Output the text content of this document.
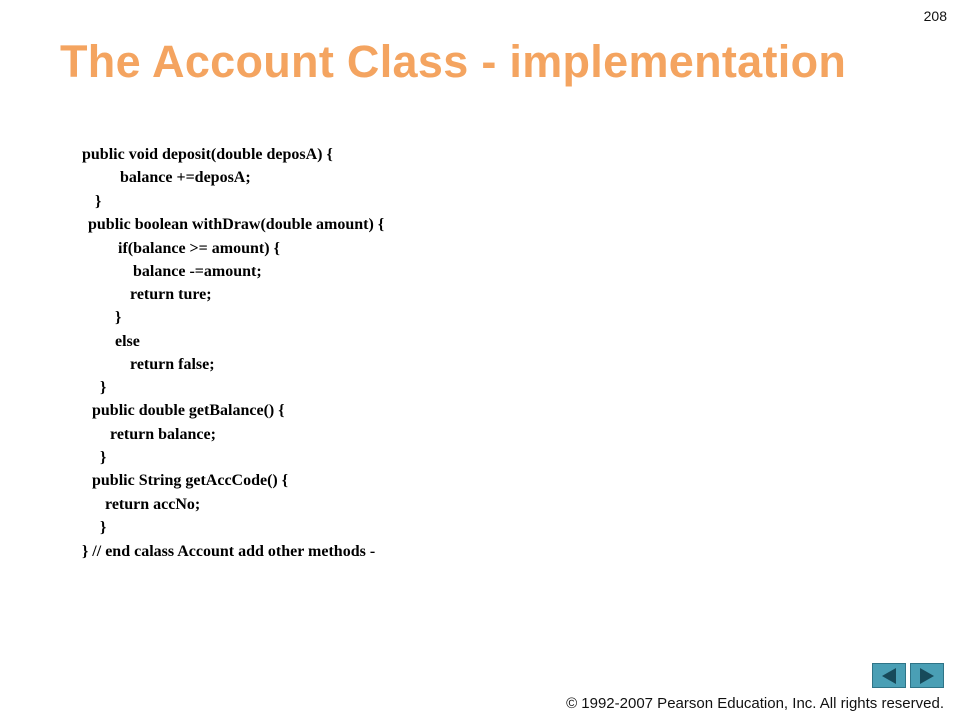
208
The Account Class - implementation
public void deposit(double deposA) {
balance +=deposA;
}
public boolean withDraw(double amount) {
if(balance >= amount) {
balance -=amount;
return ture;
}
else
return false;
}
public double getBalance() {
return balance;
}
public String getAccCode() {
return accNo;
}
} // end calass Account add other methods -
© 1992-2007 Pearson Education, Inc. All rights reserved.
